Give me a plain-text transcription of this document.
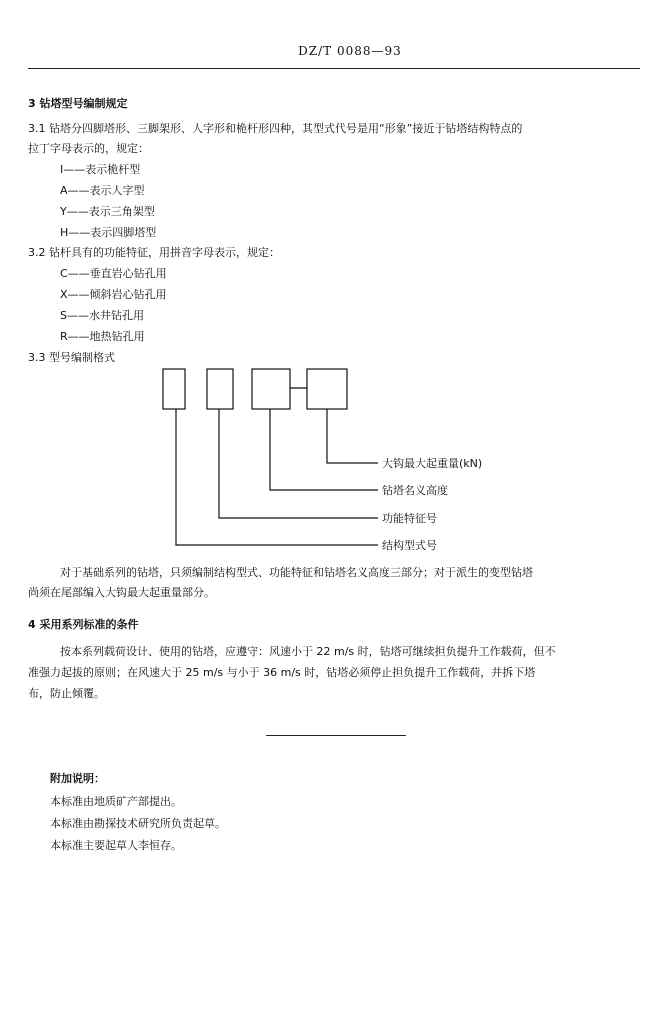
DZ/T 0088—93
3 钻塔型号编制规定
3.1 钻塔分四脚塔形、三脚架形、人字形和桅杆形四种，其型式代号是用“形象”接近于钻塔结构特点的
拉丁字母表示的，规定：
I——表示桅杆型
A——表示人字型
Y——表示三角架型
H——表示四脚塔型
3.2 钻杆具有的功能特征，用拼音字母表示，规定：
C——垂直岩心钻孔用
X——倾斜岩心钻孔用
S——水井钻孔用
R——地热钻孔用
3.3 型号编制格式
大钩最大起重量(kN)
钻塔名义高度
功能特征号
结构型式号
对于基础系列的钻塔，只须编制结构型式、功能特征和钻塔名义高度三部分；对于派生的变型钻塔
尚须在尾部编入大钩最大起重量部分。
4 采用系列标准的条件
按本系列载荷设计、使用的钻塔，应遵守：风速小于 22 m/s 时，钻塔可继续担负提升工作载荷，但不
准强力起拔的原则；在风速大于 25 m/s 与小于 36 m/s 时，钻塔必须停止担负提升工作载荷，并拆下塔
布，防止倾覆。
附加说明：
本标准由地质矿产部提出。
本标准由勘探技术研究所负责起草。
本标准主要起草人李恒存。
